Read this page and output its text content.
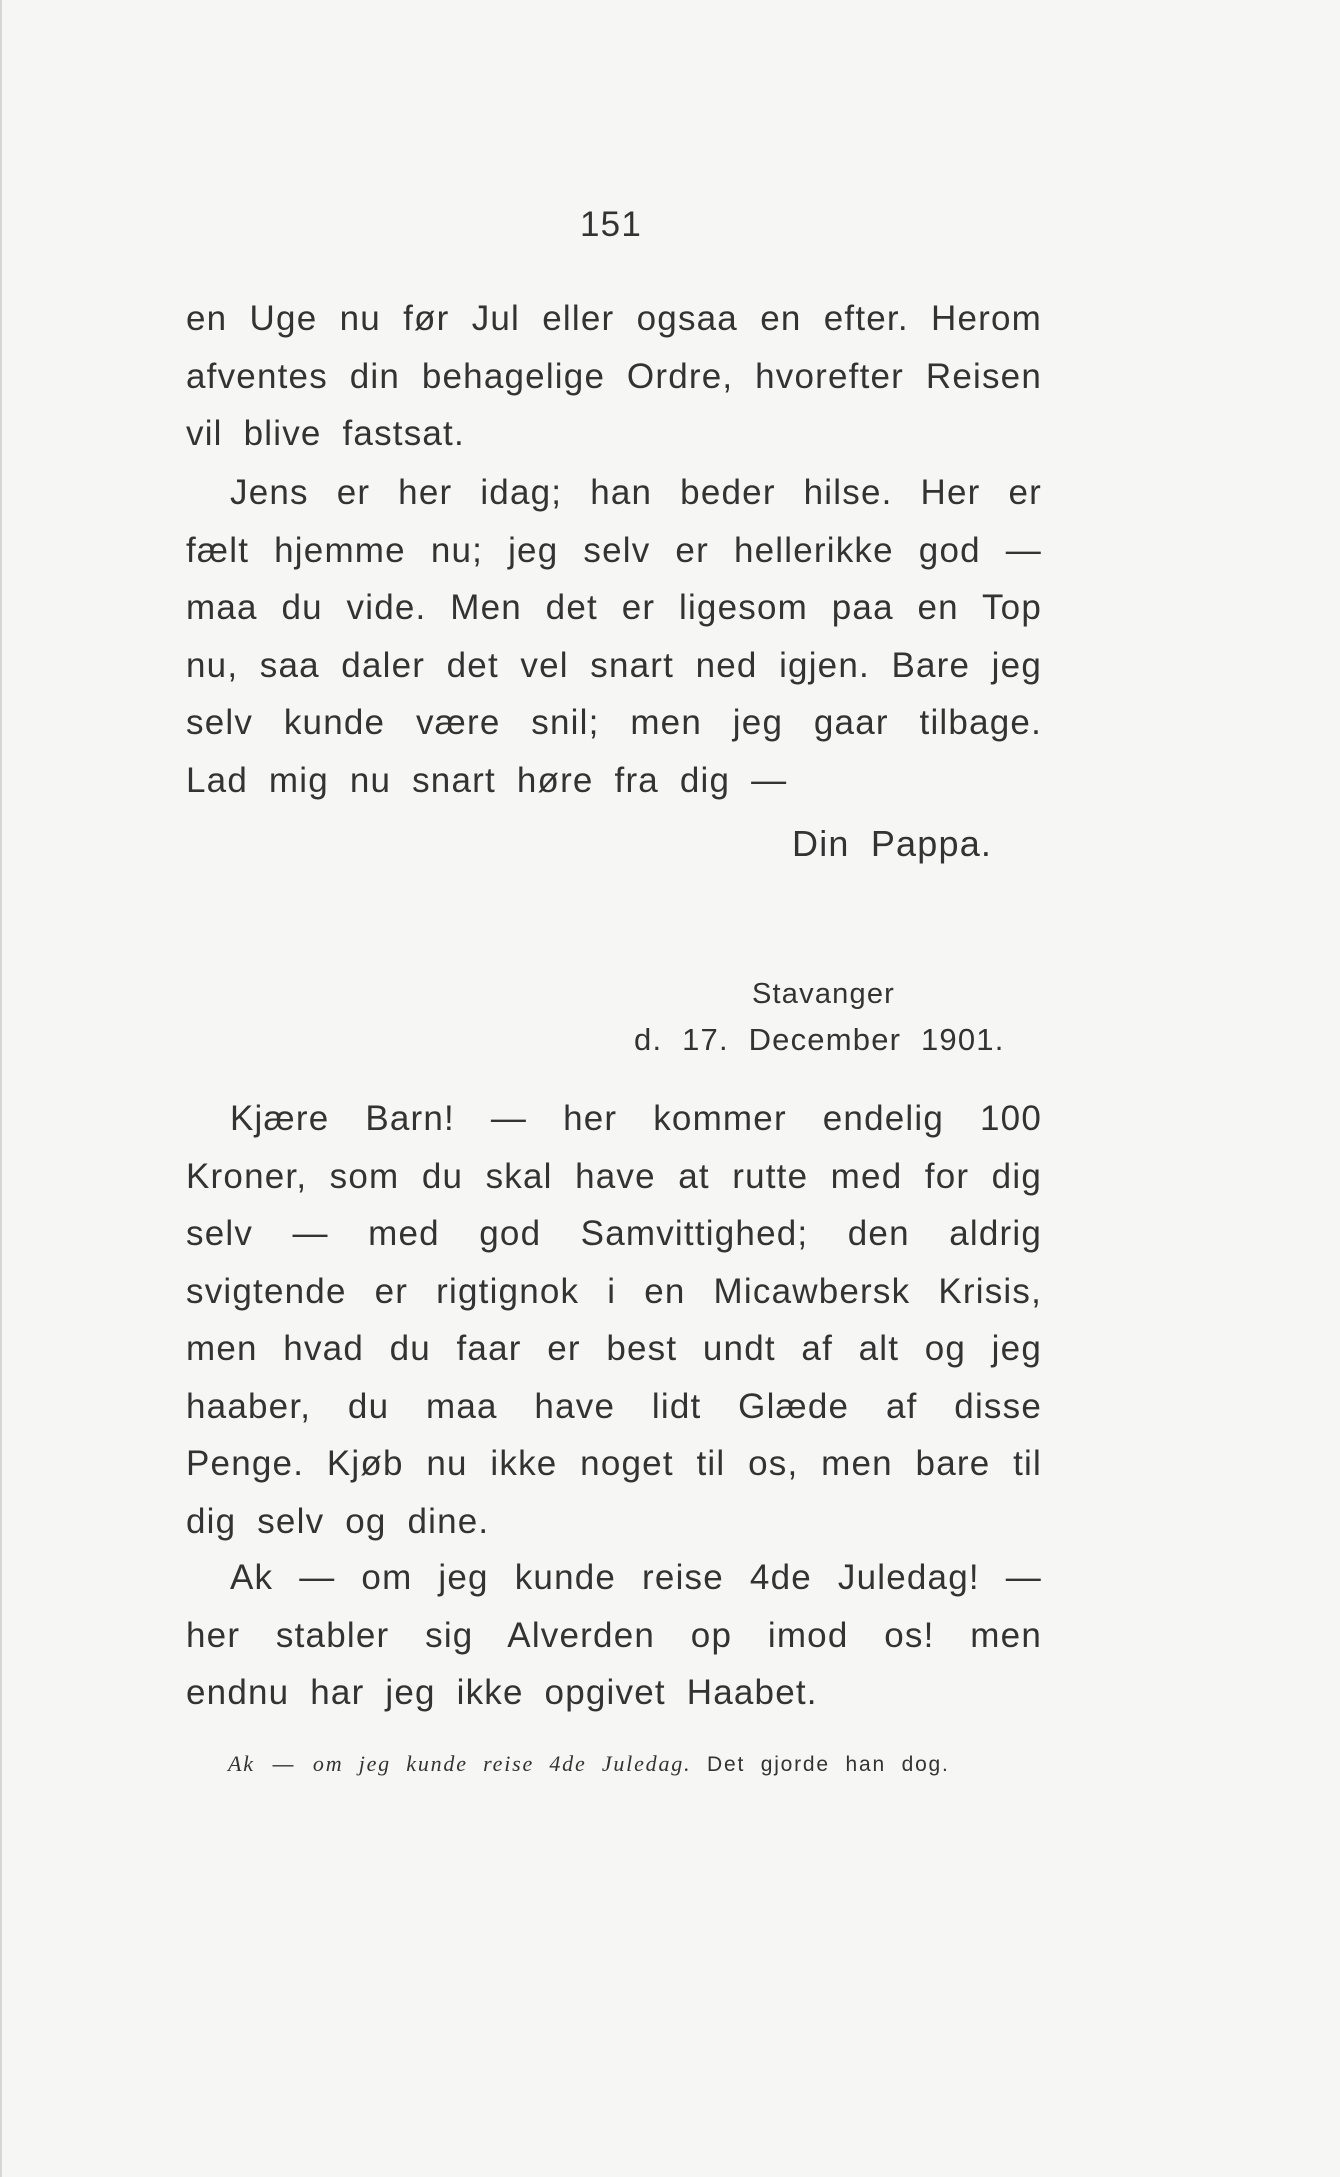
151
en Uge nu før Jul eller ogsaa en efter. Herom afventes din behagelige Ordre, hvorefter Reisen vil blive fastsat.
Jens er her idag; han beder hilse. Her er fælt hjemme nu; jeg selv er hellerikke god — maa du vide. Men det er ligesom paa en Top nu, saa daler det vel snart ned igjen. Bare jeg selv kunde være snil; men jeg gaar tilbage. Lad mig nu snart høre fra dig —
Din Pappa.
Stavanger
d. 17. December 1901.
Kjære Barn! — her kommer endelig 100 Kroner, som du skal have at rutte med for dig selv — med god Samvittighed; den aldrig svigtende er rigtignok i en Micawbersk Krisis, men hvad du faar er best undt af alt og jeg haaber, du maa have lidt Glæde af disse Penge. Kjøb nu ikke noget til os, men bare til dig selv og dine.
Ak — om jeg kunde reise 4de Juledag! — her stabler sig Alverden op imod os! men endnu har jeg ikke opgivet Haabet.
Ak — om jeg kunde reise 4de Juledag. Det gjorde han dog.
